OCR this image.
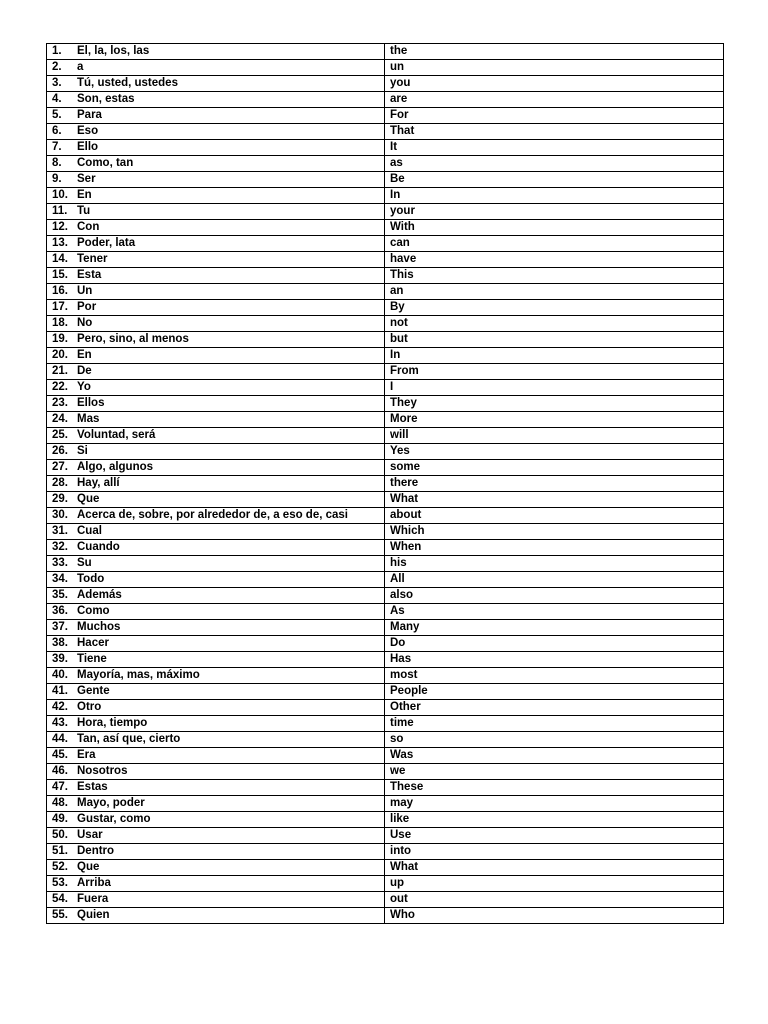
1. El, la, los, las	the
2. a	un
3. Tú, usted, ustedes	you
4. Son, estas	are
5. Para	For
6. Eso	That
7. Ello	It
8. Como, tan	as
9. Ser	Be
10. En	In
11. Tu	your
12. Con	With
13. Poder, lata	can
14. Tener	have
15. Esta	This
16. Un	an
17. Por	By
18. No	not
19. Pero, sino, al menos	but
20. En	In
21. De	From
22. Yo	I
23. Ellos	They
24. Mas	More
25. Voluntad, será	will
26. Si	Yes
27. Algo, algunos	some
28. Hay, allí	there
29. Que	What
30. Acerca de, sobre, por alrededor de, a eso de, casi	about
31. Cual	Which
32. Cuando	When
33. Su	his
34. Todo	All
35. Además	also
36. Como	As
37. Muchos	Many
38. Hacer	Do
39. Tiene	Has
40. Mayoría, mas, máximo	most
41. Gente	People
42. Otro	Other
43. Hora, tiempo	time
44. Tan, así que, cierto	so
45. Era	Was
46. Nosotros	we
47. Estas	These
48. Mayo, poder	may
49. Gustar, como	like
50. Usar	Use
51. Dentro	into
52. Que	What
53. Arriba	up
54. Fuera	out
55. Quien	Who
